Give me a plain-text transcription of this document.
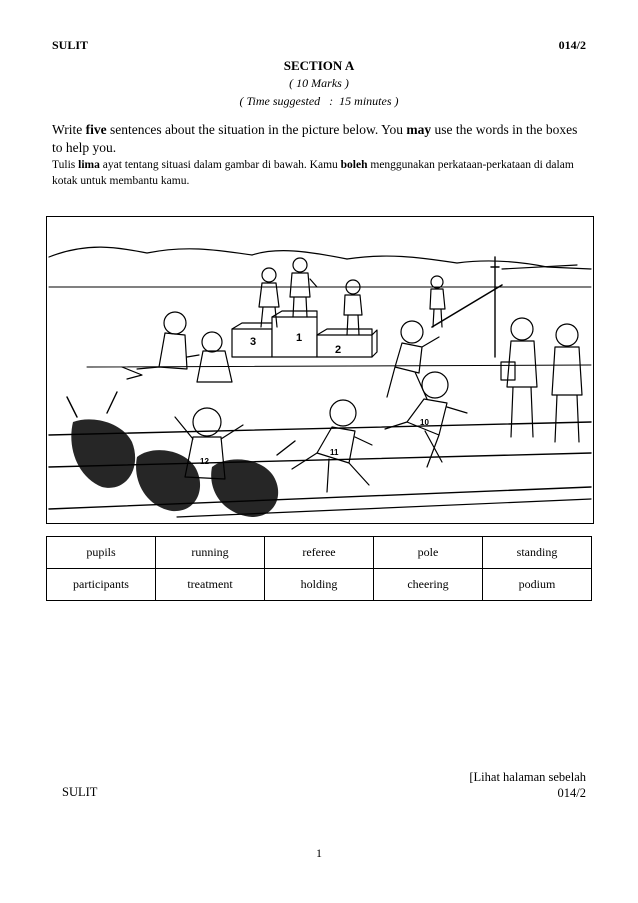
SULIT	014/2
SECTION A
( 10 Marks )
( Time suggested   :  15 minutes )
Write five sentences about the situation in the picture below. You may use the words in the boxes to help you.
Tulis lima ayat tentang situasi dalam gambar di bawah. Kamu boleh menggunakan perkataan-perkataan di dalam kotak untuk membantu kamu.
3	1
2
10
11
12
pupils	running	referee	pole	standing
participants	treatment	holding	cheering	podium
[Lihat halaman sebelah
014/2
SULIT
1
